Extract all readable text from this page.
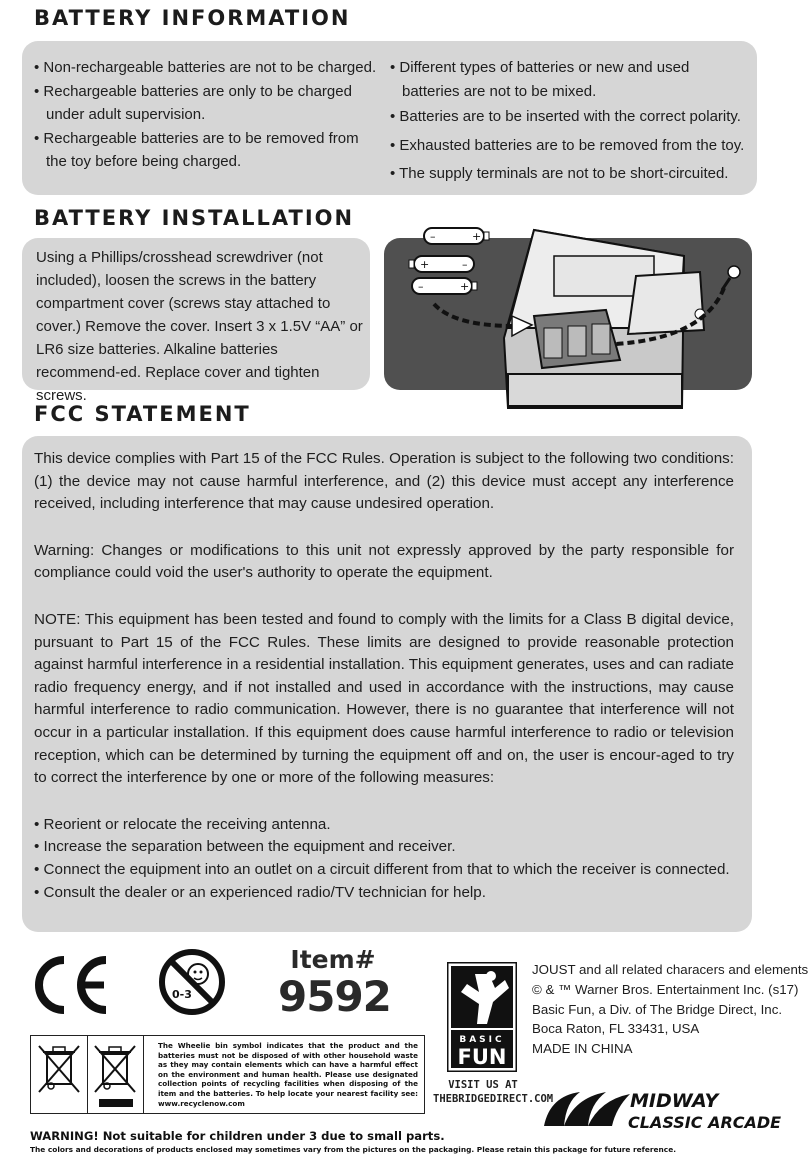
BATTERY INFORMATION
• Non-rechargeable batteries are not to be charged.
• Rechargeable batteries are only to be charged under adult supervision.
• Rechargeable batteries are to be removed from the toy before being charged.
• Different types of batteries or new and used batteries are not to be mixed.
• Batteries are to be inserted with the correct polarity.
• Exhausted batteries are to be removed from the toy.
• The supply terminals are not to be short-circuited.
BATTERY INSTALLATION
Using a Phillips/crosshead screwdriver (not included), loosen the screws in the battery compartment cover (screws stay attached to cover.) Remove the cover. Insert 3 x 1.5V “AA” or LR6 size batteries. Alkaline batteries recommend-ed. Replace cover and tighten screws.
–	+
+	–
–	+
FCC STATEMENT

This device complies with Part 15 of the FCC Rules. Operation is subject to the following two conditions: (1) the device may not cause harmful interference, and (2) this device must accept any interference received, including interference that may cause undesired operation.

Warning: Changes or modifications to this unit not expressly approved by the party responsible for compliance could void the user's authority to operate the equipment.

NOTE: This equipment has been tested and found to comply with the limits for a Class B digital device, pursuant to Part 15 of the FCC Rules. These limits are designed to provide reasonable protection against harmful interference in a residential installation. This equipment generates, uses and can radiate radio frequency energy, and if not installed and used in accordance with the instructions, may cause harmful interference to radio communication. However, there is no guarantee that interference will not occur in a particular installation. If this equipment does cause harmful interference to radio or television reception, which can be determined by turning the equipment off and on, the user is encour-aged to try to correct the interference by one or more of the following measures:

• Reorient or relocate the receiving antenna.
• Increase the separation between the equipment and receiver.
• Connect the equipment into an outlet on a circuit different from that to which the receiver is connected.
• Consult the dealer or an experienced radio/TV technician for help.
0-3
Item#
9592
The Wheelie bin symbol indicates that the product and the batteries must not be disposed of with other household waste as they may contain elements which can have a harmful effect on the environment and human health. Please use designated collection points of recycling facilities when disposing of the item and the batteries. To help locate your nearest facility see: www.recyclenow.com
BASIC
FUN
VISIT US AT
THEBRIDGEDIRECT.COM
JOUST and all related characers and elements
© & ™ Warner Bros. Entertainment Inc. (s17)
Basic Fun, a Div. of The Bridge Direct, Inc.
Boca Raton, FL 33431, USA
MADE IN CHINA
MIDWAY
CLASSIC ARCADE
WARNING! Not suitable for children under 3 due to small parts.
The colors and decorations of products enclosed may sometimes vary from the pictures on the packaging. Please retain this package for future reference.
